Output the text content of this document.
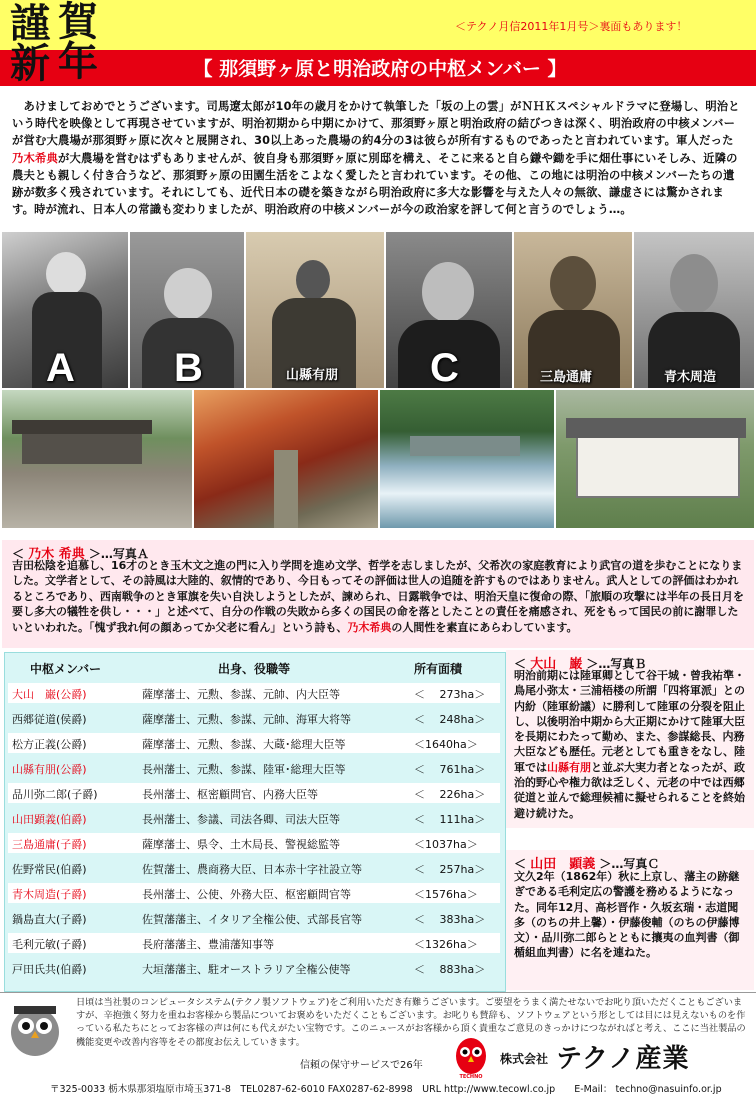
謹 賀
新 年
＜テクノ月信2011年1月号＞裏面もあります！
【 那須野ヶ原と明治政府の中枢メンバー 】
　あけましておめでとうございます。司馬遼太郎が10年の歳月をかけて執筆した「坂の上の雲」がＮＨＫスペシャルドラマに登場し、明治という時代を映像として再現させていますが、明治初期から中期にかけて、那須野ヶ原と明治政府の結びつきは深く、明治政府の中核メンバーが営む大農場が那須野ヶ原に次々と展開され、30以上あった農場の約4分の3は彼らが所有するものであったと言われています。軍人だった乃木希典が大農場を営むはずもありませんが、彼自身も那須野ヶ原に別邸を構え、そこに来ると自ら鎌や鋤を手に畑仕事にいそしみ、近隣の農夫とも親しく付き合うなど、那須野ヶ原の田園生活をこよなく愛したと言われています。その他、この地には明治の中核メンバーたちの遺跡が数多く残されています。それにしても、近代日本の礎を築きながら明治政府に多大な影響を与えた人々の無欲、謙虚さには驚かされます。時が流れ、日本人の常識も変わりましたが、明治政府の中核メンバーが今の政治家を評して何と言うのでしょう…。
A B	山縣有朋 C	三島通庸	青木周造
＜ 乃木 希典 ＞…写真Ａ
吉田松陰を追慕し、16才のとき玉木文之進の門に入り学問を進め文学、哲学を志しましたが、父希次の家庭教育により武官の道を歩むことになりました。文学者として、その詩風は大陸的、叙情的であり、今日もってその評価は世人の追随を許すものではありません。武人としての評価はわかれるところであり、西南戦争のとき軍旗を失い自決しようとしたが、諫められ、日露戦争では、明治天皇に復命の際、「旅順の攻撃には半年の長日月を要し多大の犠牲を供し・・・」と述べて、自分の作戦の失敗から多くの国民の命を落としたことの責任を痛感され、死をもって国民の前に謝罪したいといわれた。「愧ず我れ何の顔あってか父老に看ん」という詩も、乃木希典の人間性を素直にあらわしています。
中枢メンバー	出身、役職等	所有面積
大山　巌(公爵)	薩摩藩士、元勲、参謀、元帥、内大臣等	＜　 273ha＞
西郷従道(侯爵)	薩摩藩士、元勲、参謀、元帥、海軍大将等	＜　 248ha＞
松方正義(公爵)	薩摩藩士、元勲、参謀、大蔵･総理大臣等	＜1640ha＞
山縣有朋(公爵)	長州藩士、元勲、参謀、陸軍･総理大臣等	＜　 761ha＞
品川弥二郎(子爵)	長州藩士、枢密顧問官、内務大臣等	＜　 226ha＞
山田顕義(伯爵)	長州藩士、参議、司法各卿、司法大臣等	＜　 111ha＞
三島通庸(子爵)	薩摩藩士、県令、土木局長、警視総監等	＜1037ha＞
佐野常民(伯爵)	佐賀藩士、農商務大臣、日本赤十字社設立等	＜　 257ha＞
青木周造(子爵)	長州藩士、公使、外務大臣、枢密顧問官等	＜1576ha＞
鍋島直大(子爵)	佐賀藩藩主、イタリア全権公使、式部長官等	＜　 383ha＞
毛利元敏(子爵)	長府藩藩主、豊浦藩知事等	＜1326ha＞
戸田氏共(伯爵)	大垣藩藩主、駐オーストラリア全権公使等	＜　 883ha＞
＜ 大山　巌 ＞…写真Ｂ
明治前期には陸軍卿として谷干城・曾我祐準・鳥尾小弥太・三浦梧楼の所謂「四将軍派」との内紛（陸軍紛議）に勝利して陸軍の分裂を阻止し、以後明治中期から大正期にかけて陸軍大臣を長期にわたって勤め、また、参謀総長、内務大臣なども歴任。元老としても重きをなし、陸軍では山縣有朋と並ぶ大実力者となったが、政治的野心や権力欲は乏しく、元老の中では西郷従道と並んで総理候補に擬せられることを終始避け続けた。
＜ 山田　顕義 ＞…写真Ｃ
文久2年（1862年）秋に上京し、藩主の跡継ぎである毛利定広の警護を務めるようになった。同年12月、高杉晋作・久坂玄瑞・志道聞多（のちの井上馨）・伊藤俊輔（のちの伊藤博文）・品川弥二郎らとともに攘夷の血判書（御楯組血判書）に名を連ねた。
日頃は当社製のコンピュータシステム(テクノ製ソフトウェア)をご利用いただき有難うございます。ご要望をうまく満たせないでお叱り頂いただくこともございますが、辛抱強く努力を重ねお客様から製品についてお褒めをいただくこともございます。お叱りも賛辞も、ソフトウェアという形としては目には見えないものを作っている私たちにとってお客様の声は何にも代えがたい宝物です。このニュースがお客様から頂く貴重なご意見のきっかけにつながればと考え、ここに当社製品の機能変更や改善内容等をその都度お伝えしていきます。
信頼の保守サービスで26年
TECHNO
株式会社 テクノ産業
〒325-0033 栃木県那須塩原市埼玉371-8　TEL0287-62-6010 FAX0287-62-8998　URL http://www.tecowl.co.jp　　E-Mail： techno@nasuinfo.or.jp
